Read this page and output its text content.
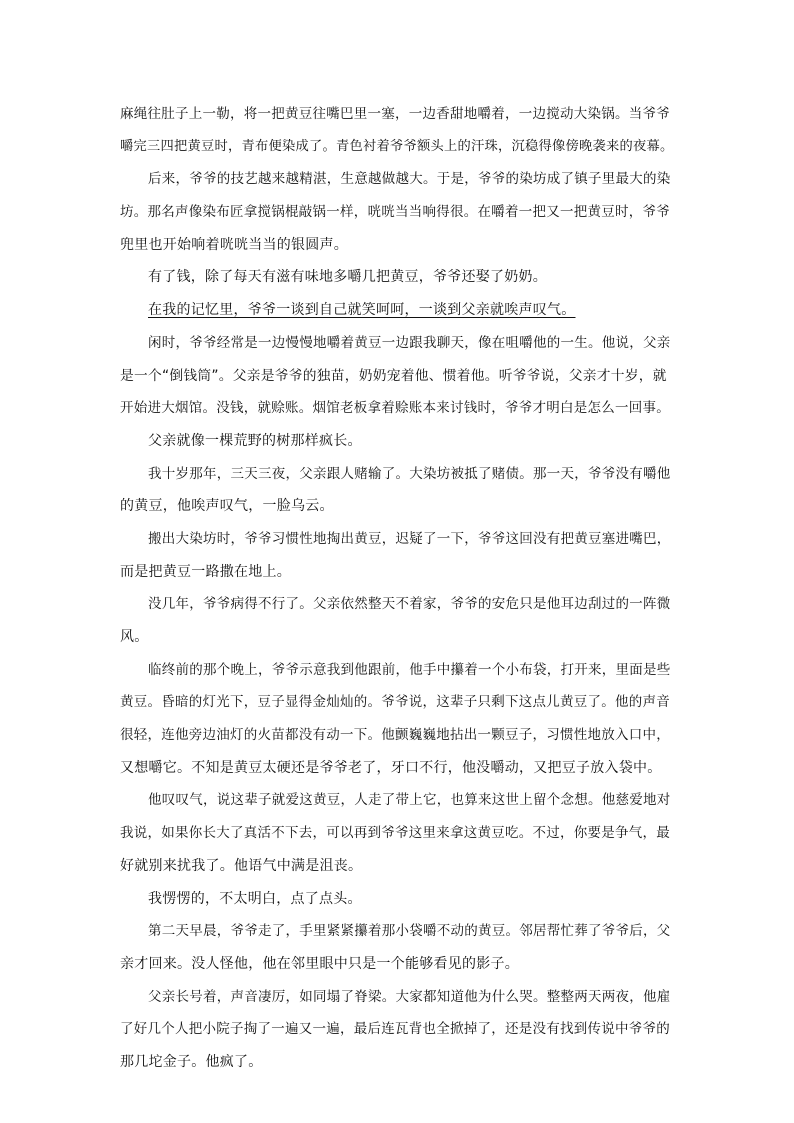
麻绳往肚子上一勒，将一把黄豆往嘴巴里一塞，一边香甜地嚼着，一边搅动大染锅。当爷爷
嚼完三四把黄豆时，青布便染成了。青色衬着爷爷额头上的汗珠，沉稳得像傍晚袭来的夜幕。
后来，爷爷的技艺越来越精湛，生意越做越大。于是，爷爷的染坊成了镇子里最大的染
坊。那名声像染布匠拿搅锅棍敲锅一样，咣咣当当响得很。在嚼着一把又一把黄豆时，爷爷
兜里也开始响着咣咣当当的银圆声。
有了钱，除了每天有滋有味地多嚼几把黄豆，爷爷还娶了奶奶。
在我的记忆里，爷爷一谈到自己就笑呵呵，一谈到父亲就唉声叹气。
闲时，爷爷经常是一边慢慢地嚼着黄豆一边跟我聊天，像在咀嚼他的一生。他说，父亲
是一个“倒钱筒”。父亲是爷爷的独苗，奶奶宠着他、惯着他。听爷爷说，父亲才十岁，就
开始进大烟馆。没钱，就赊账。烟馆老板拿着赊账本来讨钱时，爷爷才明白是怎么一回事。
父亲就像一棵荒野的树那样疯长。
我十岁那年，三天三夜，父亲跟人赌输了。大染坊被抵了赌债。那一天，爷爷没有嚼他
的黄豆，他唉声叹气，一脸乌云。
搬出大染坊时，爷爷习惯性地掏出黄豆，迟疑了一下，爷爷这回没有把黄豆塞进嘴巴，
而是把黄豆一路撒在地上。
没几年，爷爷病得不行了。父亲依然整天不着家，爷爷的安危只是他耳边刮过的一阵微
风。
临终前的那个晚上，爷爷示意我到他跟前，他手中攥着一个小布袋，打开来，里面是些
黄豆。昏暗的灯光下，豆子显得金灿灿的。爷爷说，这辈子只剩下这点儿黄豆了。他的声音
很轻，连他旁边油灯的火苗都没有动一下。他颤巍巍地拈出一颗豆子，习惯性地放入口中，
又想嚼它。不知是黄豆太硬还是爷爷老了，牙口不行，他没嚼动，又把豆子放入袋中。
他叹叹气，说这辈子就爱这黄豆，人走了带上它，也算来这世上留个念想。他慈爱地对
我说，如果你长大了真活不下去，可以再到爷爷这里来拿这黄豆吃。不过，你要是争气，最
好就别来扰我了。他语气中满是沮丧。
我愣愣的，不太明白，点了点头。
第二天早晨，爷爷走了，手里紧紧攥着那小袋嚼不动的黄豆。邻居帮忙葬了爷爷后，父
亲才回来。没人怪他，他在邻里眼中只是一个能够看见的影子。
父亲长号着，声音凄厉，如同塌了脊梁。大家都知道他为什么哭。整整两天两夜，他雇
了好几个人把小院子掏了一遍又一遍，最后连瓦背也全掀掉了，还是没有找到传说中爷爷的
那几坨金子。他疯了。
